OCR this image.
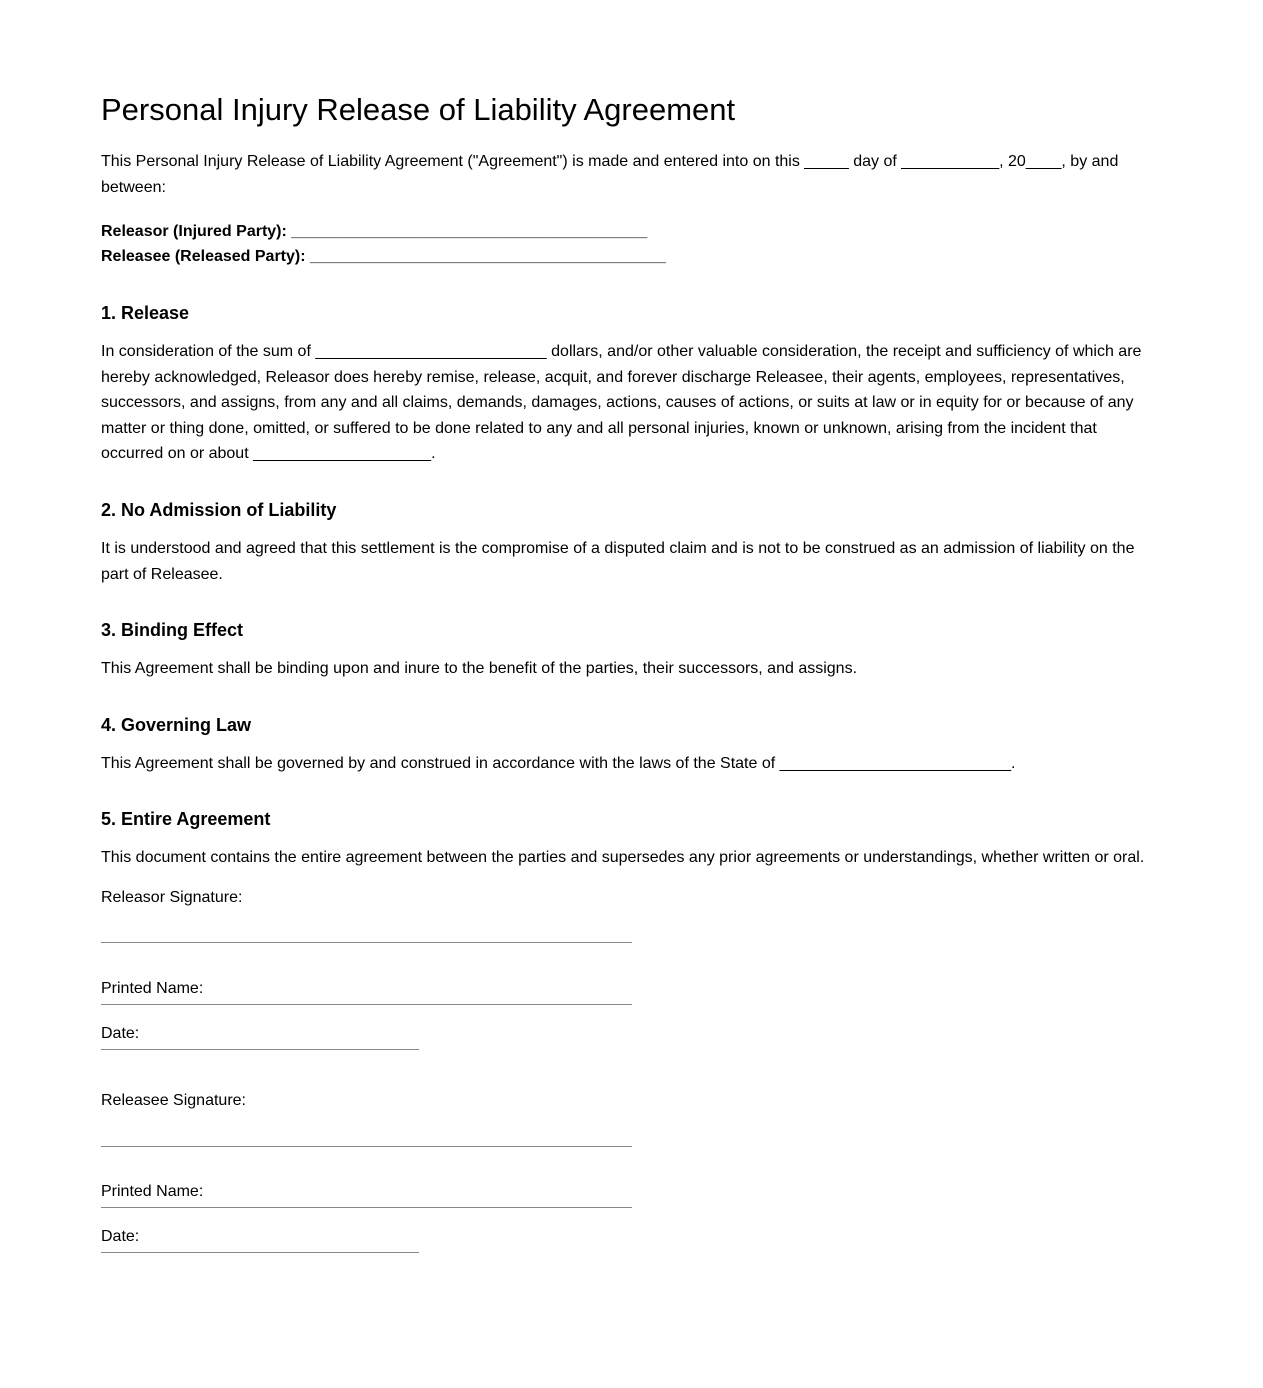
Personal Injury Release of Liability Agreement

This Personal Injury Release of Liability Agreement ("Agreement") is made and entered into on this _____ day of ___________, 20____, by and between:

Releasor (Injured Party): ________________________________________
Releasee (Released Party): ________________________________________
1. Release

In consideration of the sum of __________________________ dollars, and/or other valuable consideration, the receipt and sufficiency of which are hereby acknowledged, Releasor does hereby remise, release, acquit, and forever discharge Releasee, their agents, employees, representatives, successors, and assigns, from any and all claims, demands, damages, actions, causes of actions, or suits at law or in equity for or because of any matter or thing done, omitted, or suffered to be done related to any and all personal injuries, known or unknown, arising from the incident that occurred on or about ____________________.

2. No Admission of Liability

It is understood and agreed that this settlement is the compromise of a disputed claim and is not to be construed as an admission of liability on the part of Releasee.

3. Binding Effect

This Agreement shall be binding upon and inure to the benefit of the parties, their successors, and assigns.

4. Governing Law

This Agreement shall be governed by and construed in accordance with the laws of the State of __________________________.

5. Entire Agreement

This document contains the entire agreement between the parties and supersedes any prior agreements or understandings, whether written or oral.

Releasor Signature:
Printed Name:
Date:
Releasee Signature:
Printed Name:
Date:
